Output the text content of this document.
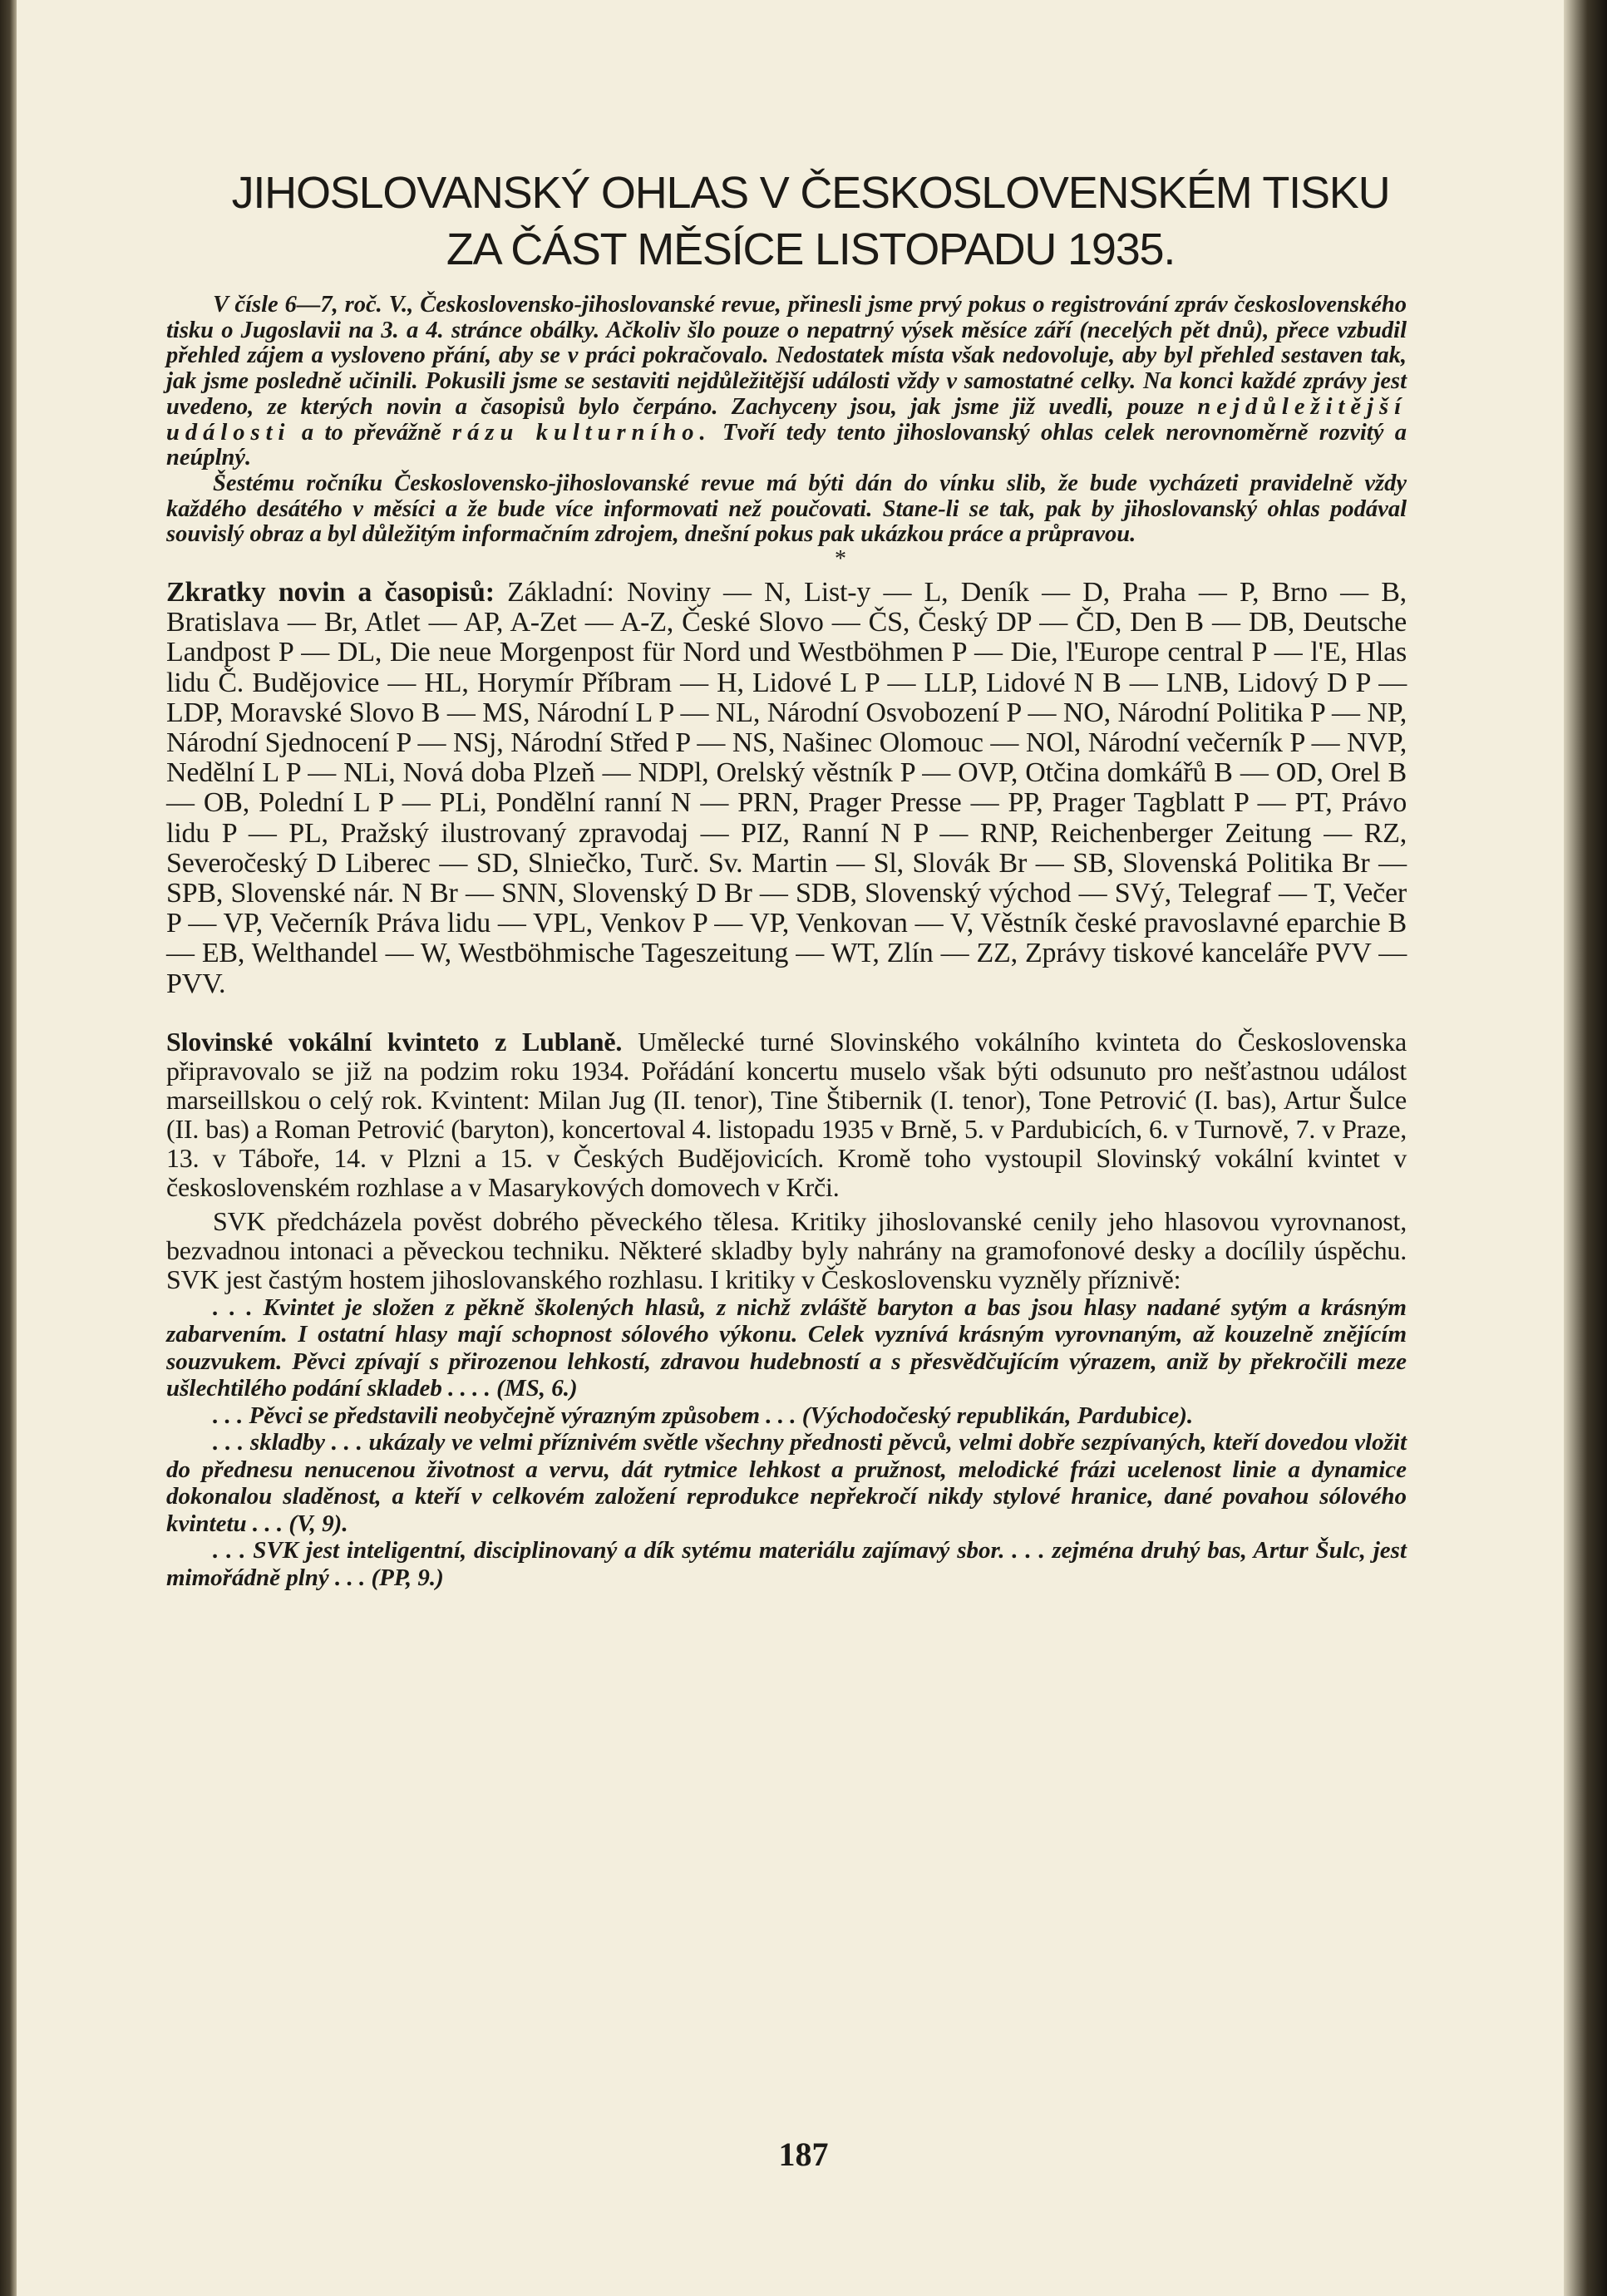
JIHOSLOVANSKÝ OHLAS V ČESKOSLOVENSKÉM TISKU
ZA ČÁST MĚSÍCE LISTOPADU 1935.

V čísle 6—7, roč. V., Československo-jihoslovanské revue, přinesli jsme prvý pokus o registrování zpráv československého tisku o Jugoslavii na 3. a 4. stránce obálky. Ačkoliv šlo pouze o nepatrný výsek měsíce září (necelých pět dnů), přece vzbudil přehled zájem a vysloveno přání, aby se v práci pokračovalo. Nedostatek místa však nedovoluje, aby byl přehled sestaven tak, jak jsme posledně učinili. Pokusili jsme se sestaviti nejdůležitější události vždy v samostatné celky. Na konci každé zprávy jest uvedeno, ze kterých novin a časopisů bylo čerpáno. Zachyceny jsou, jak jsme již uvedli, pouze nejdůležitější události a to převážně rázu kulturního. Tvoří tedy tento jihoslovanský ohlas celek nerovnoměrně rozvitý a neúplný.

Šestému ročníku Československo-jihoslovanské revue má býti dán do vínku slib, že bude vycházeti pravidelně vždy každého desátého v měsíci a že bude více informovati než poučovati. Stane-li se tak, pak by jihoslovanský ohlas podával souvislý obraz a byl důležitým informačním zdrojem, dnešní pokus pak ukázkou práce a průpravou.

*

Zkratky novin a časopisů: Základní: Noviny — N, List-y — L, Deník — D, Praha — P, Brno — B, Bratislava — Br, Atlet — AP, A-Zet — A-Z, České Slovo — ČS, Český DP — ČD, Den B — DB, Deutsche Landpost P — DL, Die neue Morgenpost für Nord und Westböhmen P — Die, l'Europe central P — l'E, Hlas lidu Č. Budějovice — HL, Horymír Příbram — H, Lidové L P — LLP, Lidové N B — LNB, Lidový D P — LDP, Moravské Slovo B — MS, Národní L P — NL, Národní Osvobození P — NO, Národní Politika P — NP, Národní Sjednocení P — NSj, Národní Střed P — NS, Našinec Olomouc — NOl, Národní večerník P — NVP, Nedělní L P — NLi, Nová doba Plzeň — NDPl, Orelský věstník P — OVP, Otčina domkářů B — OD, Orel B — OB, Polední L P — PLi, Pondělní ranní N — PRN, Prager Presse — PP, Prager Tagblatt P — PT, Právo lidu P — PL, Pražský ilustrovaný zpravodaj — PIZ, Ranní N P — RNP, Reichenberger Zeitung — RZ, Severočeský D Liberec — SD, Slniečko, Turč. Sv. Martin — Sl, Slovák Br — SB, Slovenská Politika Br — SPB, Slovenské nár. N Br — SNN, Slovenský D Br — SDB, Slovenský východ — SVý, Telegraf — T, Večer P — VP, Večerník Práva lidu — VPL, Venkov P — VP, Venkovan — V, Věstník české pravoslavné eparchie B — EB, Welthandel — W, Westböhmische Tageszeitung — WT, Zlín — ZZ, Zprávy tiskové kanceláře PVV — PVV.

Slovinské vokální kvinteto z Lublaně. Umělecké turné Slovinského vokálního kvinteta do Československa připravovalo se již na podzim roku 1934. Pořádání koncertu muselo však býti odsunuto pro nešťastnou událost marseillskou o celý rok. Kvintent: Milan Jug (II. tenor), Tine Štibernik (I. tenor), Tone Petrović (I. bas), Artur Šulce (II. bas) a Roman Petrović (baryton), koncertoval 4. listopadu 1935 v Brně, 5. v Pardubicích, 6. v Turnově, 7. v Praze, 13. v Táboře, 14. v Plzni a 15. v Českých Budějovicích. Kromě toho vystoupil Slovinský vokální kvintet v československém rozhlase a v Masarykových domovech v Krči.

SVK předcházela pověst dobrého pěveckého tělesa. Kritiky jihoslovanské cenily jeho hlasovou vyrovnanost, bezvadnou intonaci a pěveckou techniku. Některé skladby byly nahrány na gramofonové desky a docílily úspěchu. SVK jest častým hostem jihoslovanského rozhlasu. I kritiky v Československu vyzněly příznivě:

. . . Kvintet je složen z pěkně školených hlasů, z nichž zvláště baryton a bas jsou hlasy nadané sytým a krásným zabarvením. I ostatní hlasy mají schopnost sólového výkonu. Celek vyznívá krásným vyrovnaným, až kouzelně znějícím souzvukem. Pěvci zpívají s přirozenou lehkostí, zdravou hudebností a s přesvědčujícím výrazem, aniž by překročili meze ušlechtilého podání skladeb . . . . (MS, 6.)

. . . Pěvci se představili neobyčejně výrazným způsobem . . . (Východočeský republikán, Pardubice).

. . . skladby . . . ukázaly ve velmi příznivém světle všechny přednosti pěvců, velmi dobře sezpívaných, kteří dovedou vložit do přednesu nenucenou životnost a vervu, dát rytmice lehkost a pružnost, melodické frázi ucelenost linie a dynamice dokonalou sladěnost, a kteří v celkovém založení reprodukce nepřekročí nikdy stylové hranice, dané povahou sólového kvintetu . . . (V, 9).

. . . SVK jest inteligentní, disciplinovaný a dík sytému materiálu zajímavý sbor. . . . zejména druhý bas, Artur Šulc, jest mimořádně plný . . . (PP, 9.)

187
